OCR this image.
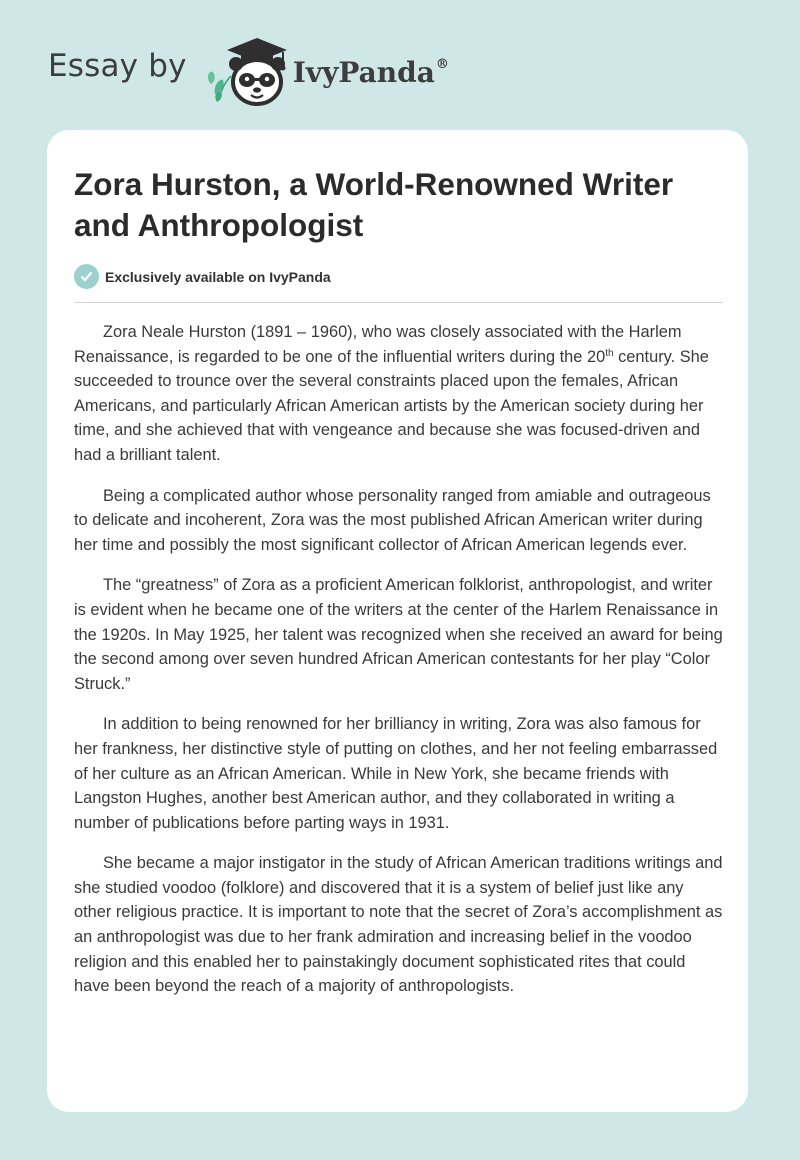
Essay by	IvyPanda®
Zora Hurston, a World-Renowned Writer and Anthropologist
Exclusively available on IvyPanda

Zora Neale Hurston (1891 – 1960), who was closely associated with the Harlem Renaissance, is regarded to be one of the influential writers during the 20th century. She succeeded to trounce over the several constraints placed upon the females, African Americans, and particularly African American artists by the American society during her time, and she achieved that with vengeance and because she was focused-driven and had a brilliant talent.

Being a complicated author whose personality ranged from amiable and outrageous to delicate and incoherent, Zora was the most published African American writer during her time and possibly the most significant collector of African American legends ever.

The “greatness” of Zora as a proficient American folklorist, anthropologist, and writer is evident when he became one of the writers at the center of the Harlem Renaissance in the 1920s. In May 1925, her talent was recognized when she received an award for being the second among over seven hundred African American contestants for her play “Color Struck.”

In addition to being renowned for her brilliancy in writing, Zora was also famous for her frankness, her distinctive style of putting on clothes, and her not feeling embarrassed of her culture as an African American. While in New York, she became friends with Langston Hughes, another best American author, and they collaborated in writing a number of publications before parting ways in 1931.

She became a major instigator in the study of African American traditions writings and she studied voodoo (folklore) and discovered that it is a system of belief just like any other religious practice. It is important to note that the secret of Zora’s accomplishment as an anthropologist was due to her frank admiration and increasing belief in the voodoo religion and this enabled her to painstakingly document sophisticated rites that could have been beyond the reach of a majority of anthropologists.
